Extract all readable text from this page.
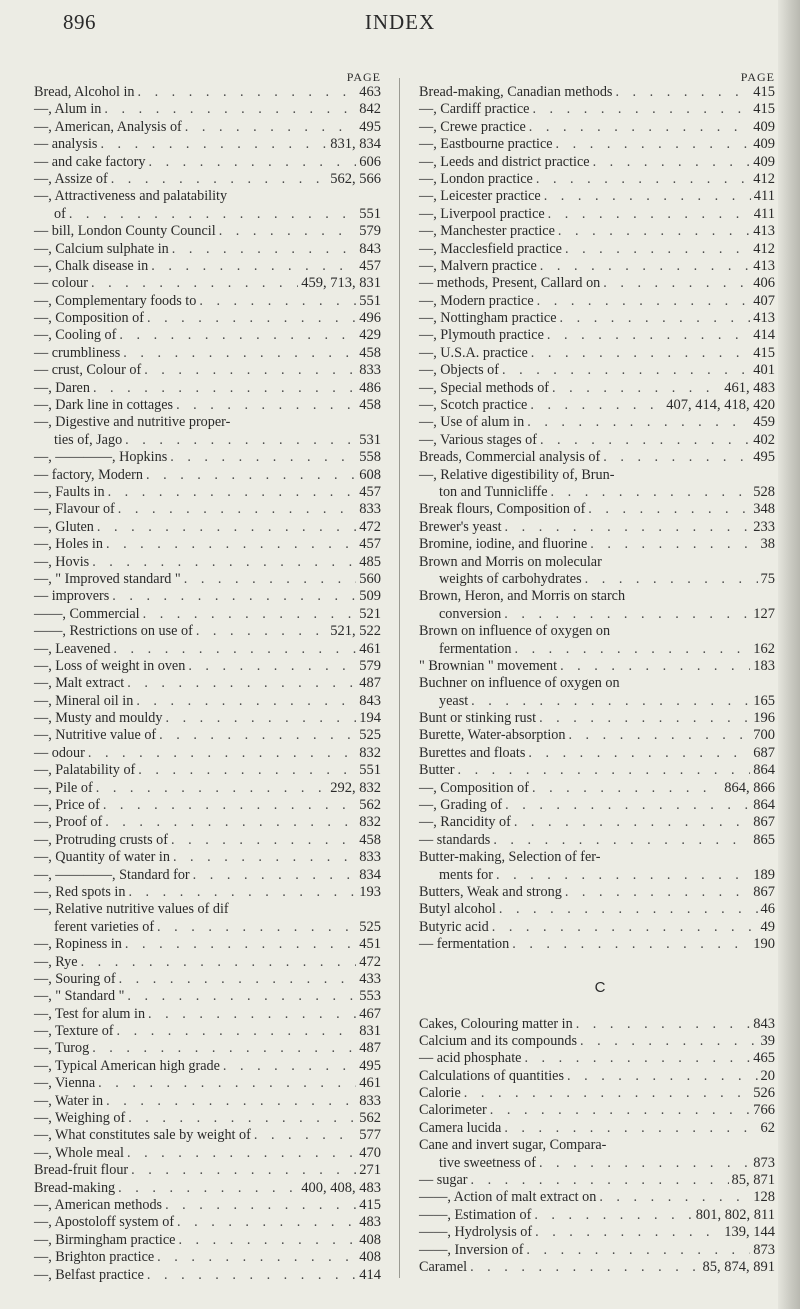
896	INDEX
PAGE
Bread, Alcohol in . . .	463
—, Alum in . . .	842
—, American, Analysis of . . .	495
— analysis . . .	831, 834
— and cake factory . . .	606
—, Assize of . . .	562, 566
—, Attractiveness and palatability
of . . .	551
— bill, London County Council . . .	579
—, Calcium sulphate in . . .	843
—, Chalk disease in . . .	457
— colour . . .	459, 713, 831
—, Complementary foods to . . .	551
—, Composition of . . .	496
—, Cooling of . . .	429
— crumbliness . . .	458
— crust, Colour of . . .	833
—, Daren . . .	486
—, Dark line in cottages . . .	458
—, Digestive and nutritive proper-
ties of, Jago . . .	531
—, ————, Hopkins . . .	558
— factory, Modern . . .	608
—, Faults in . . .	457
—, Flavour of . . .	833
—, Gluten . . .	472
—, Holes in . . .	457
—, Hovis . . .	485
—, " Improved standard " . . .	560
— improvers . . .	509
——, Commercial . . .	521
——, Restrictions on use of . . .	521, 522
—, Leavened . . .	461
—, Loss of weight in oven . . .	579
—, Malt extract . . .	487
—, Mineral oil in . . .	843
—, Musty and mouldy . . .	194
—, Nutritive value of . . .	525
— odour . . .	832
—, Palatability of . . .	551
—, Pile of . . .	292, 832
—, Price of . . .	562
—, Proof of . . .	832
—, Protruding crusts of . . .	458
—, Quantity of water in . . .	833
—, ————, Standard for . . .	834
—, Red spots in . . .	193
—, Relative nutritive values of dif
ferent varieties of . . .	525
—, Ropiness in . . .	451
—, Rye . . .	472
—, Souring of . . .	433
—, " Standard " . . .	553
—, Test for alum in . . .	467
—, Texture of . . .	831
—, Turog . . .	487
—, Typical American high grade . . .	495
—, Vienna . . .	461
—, Water in . . .	833
—, Weighing of . . .	562
—, What constitutes sale by weight of . . .	577
—, Whole meal . . .	470
Bread-fruit flour . . .	271
Bread-making . . .	400, 408, 483
—, American methods . . .	415
—, Apostoloff system of . . .	483
—, Birmingham practice . . .	408
—, Brighton practice . . .	408
—, Belfast practice . . .	414
PAGE
Bread-making, Canadian methods . . .	415
—, Cardiff practice . . .	415
—, Crewe practice . . .	409
—, Eastbourne practice . . .	409
—, Leeds and district practice . . .	409
—, London practice . . .	412
—, Leicester practice . . .	411
—, Liverpool practice . . .	411
—, Manchester practice . . .	413
—, Macclesfield practice . . .	412
—, Malvern practice . . .	413
— methods, Present, Callard on . . .	406
—, Modern practice . . .	407
—, Nottingham practice . . .	413
—, Plymouth practice . . .	414
—, U.S.A. practice . . .	415
—, Objects of . . .	401
—, Special methods of . . .	461, 483
—, Scotch practice . . .	407, 414, 418, 420
—, Use of alum in . . .	459
—, Various stages of . . .	402
Breads, Commercial analysis of . . .	495
—, Relative digestibility of, Brun-
ton and Tunnicliffe . . .	528
Break flours, Composition of . . .	348
Brewer's yeast . . .	233
Bromine, iodine, and fluorine . . .	38
Brown and Morris on molecular
weights of carbohydrates . . .	75
Brown, Heron, and Morris on starch
conversion . . .	127
Brown on influence of oxygen on
fermentation . . .	162
" Brownian " movement . . .	183
Buchner on influence of oxygen on
yeast . . .	165
Bunt or stinking rust . . .	196
Burette, Water-absorption . . .	700
Burettes and floats . . .	687
Butter . . .	864
—, Composition of . . .	864, 866
—, Grading of . . .	864
—, Rancidity of . . .	867
— standards . . .	865
Butter-making, Selection of fer-
ments for . . .	189
Butters, Weak and strong . . .	867
Butyl alcohol . . .	46
Butyric acid . . .	49
— fermentation . . .	190
C
Cakes, Colouring matter in . . .	843
Calcium and its compounds . . .	39
— acid phosphate . . .	465
Calculations of quantities . . .	20
Calorie . . .	526
Calorimeter . . .	766
Camera lucida . . .	62
Cane and invert sugar, Compara-
tive sweetness of . . .	873
— sugar . . .	85, 871
——, Action of malt extract on . . .	128
——, Estimation of . . .	801, 802, 811
——, Hydrolysis of . . .	139, 144
——, Inversion of . . .	873
Caramel . . .	85, 874, 891
